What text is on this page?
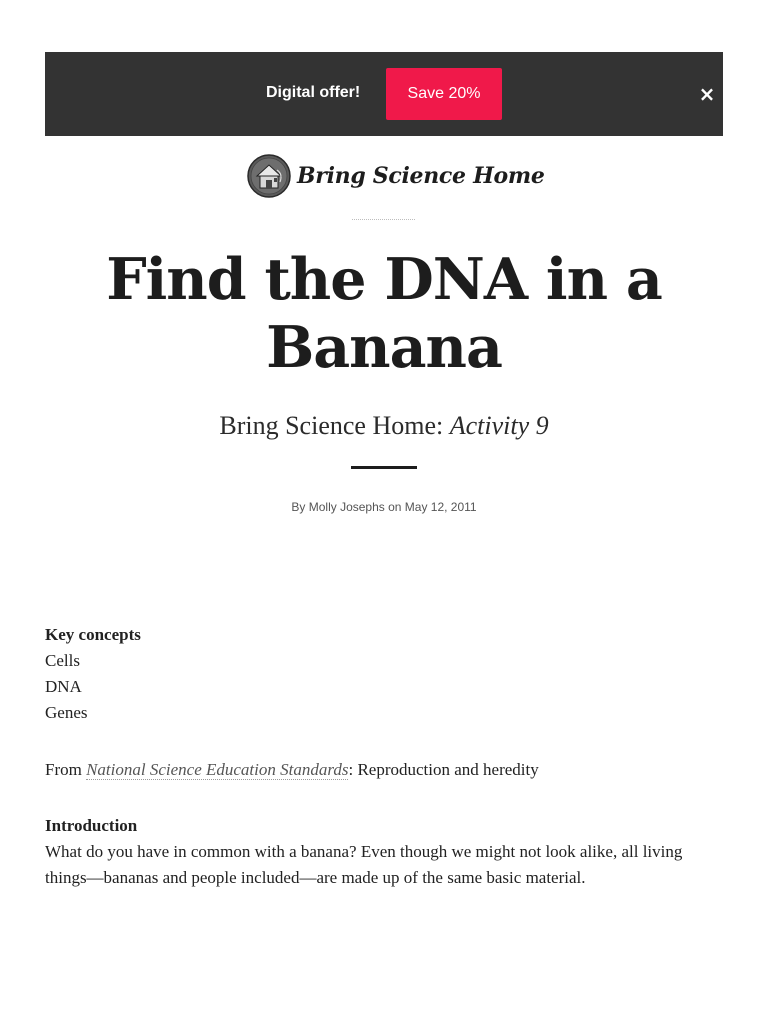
Digital offer!	Save 20%	×
Bring Science Home
Find the DNA in a Banana
Bring Science Home: Activity 9
By Molly Josephs on May 12, 2011
Key concepts
Cells
DNA
Genes
From National Science Education Standards: Reproduction and heredity
Introduction

What do you have in common with a banana? Even though we might not look alike, all living things—bananas and people included—are made up of the same basic material.
